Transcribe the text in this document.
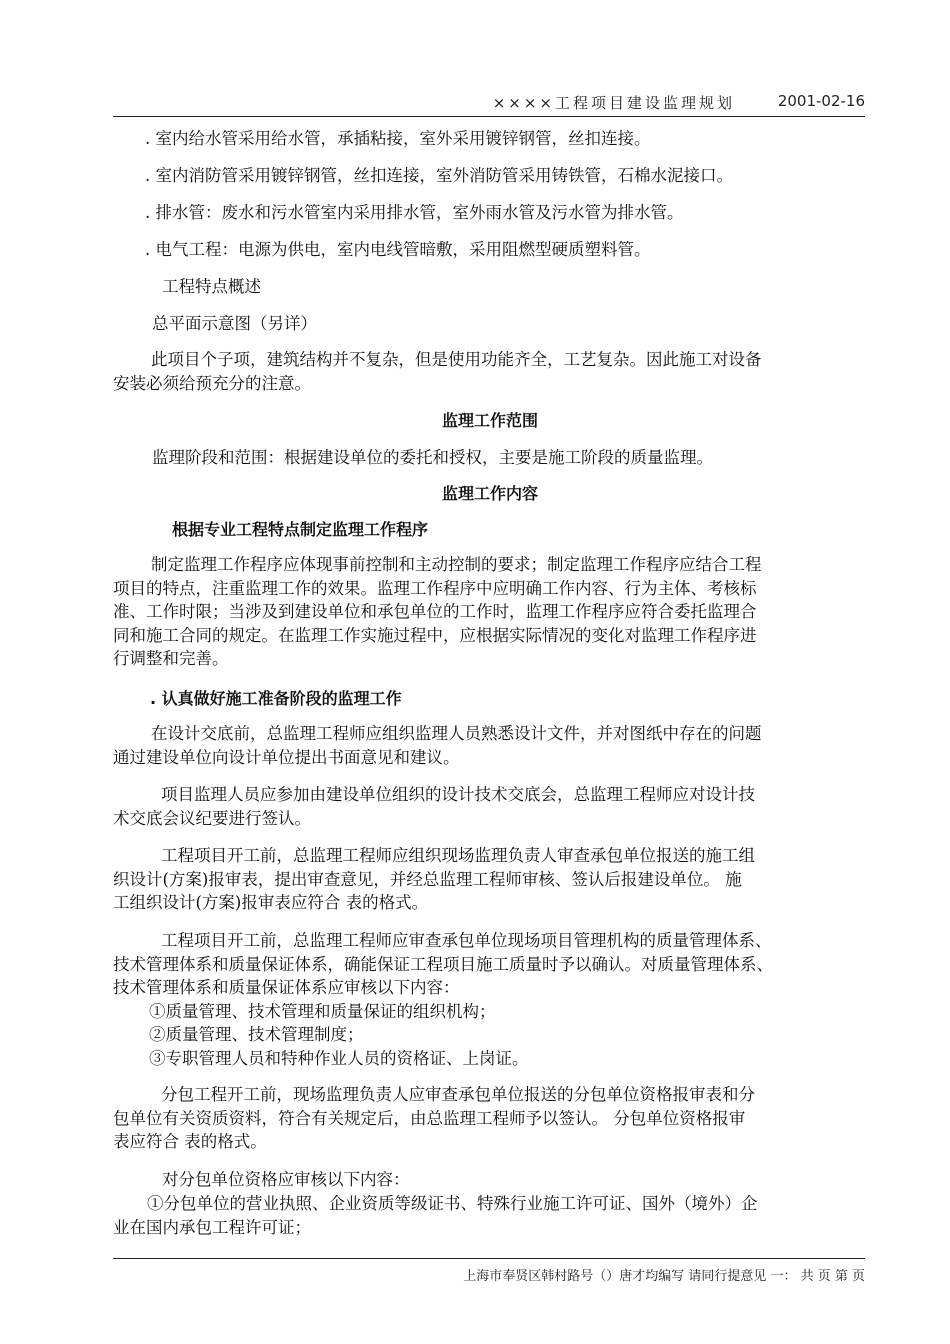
××××工程项目建设监理规划	2001-02-16
. 室内给水管采用给水管，承插粘接，室外采用镀锌钢管，丝扣连接。
. 室内消防管采用镀锌钢管，丝扣连接，室外消防管采用铸铁管，石棉水泥接口。
. 排水管：废水和污水管室内采用排水管，室外雨水管及污水管为排水管。
. 电气工程：电源为供电，室内电线管暗敷，采用阻燃型硬质塑料管。
工程特点概述
总平面示意图（另详）
此项目个子项，建筑结构并不复杂，但是使用功能齐全，工艺复杂。因此施工对设备
安装必须给预充分的注意。
监理工作范围
监理阶段和范围：根据建设单位的委托和授权，主要是施工阶段的质量监理。
监理工作内容
根据专业工程特点制定监理工作程序
制定监理工作程序应体现事前控制和主动控制的要求；制定监理工作程序应结合工程
项目的特点，注重监理工作的效果。监理工作程序中应明确工作内容、行为主体、考核标
准、工作时限；当涉及到建设单位和承包单位的工作时，监理工作程序应符合委托监理合
同和施工合同的规定。在监理工作实施过程中，应根据实际情况的变化对监理工作程序进
行调整和完善。
. 认真做好施工准备阶段的监理工作
在设计交底前，总监理工程师应组织监理人员熟悉设计文件，并对图纸中存在的问题
通过建设单位向设计单位提出书面意见和建议。
项目监理人员应参加由建设单位组织的设计技术交底会，总监理工程师应对设计技
术交底会议纪要进行签认。
工程项目开工前，总监理工程师应组织现场监理负责人审查承包单位报送的施工组
织设计(方案)报审表，提出审查意见，并经总监理工程师审核、签认后报建设单位。 施
工组织设计(方案)报审表应符合 表的格式。
工程项目开工前，总监理工程师应审查承包单位现场项目管理机构的质量管理体系、
技术管理体系和质量保证体系，确能保证工程项目施工质量时予以确认。对质量管理体系、
技术管理体系和质量保证体系应审核以下内容：
①质量管理、技术管理和质量保证的组织机构；
②质量管理、技术管理制度；
③专职管理人员和特种作业人员的资格证、上岗证。
分包工程开工前，现场监理负责人应审查承包单位报送的分包单位资格报审表和分
包单位有关资质资料，符合有关规定后，由总监理工程师予以签认。 分包单位资格报审
表应符合 表的格式。
对分包单位资格应审核以下内容：
①分包单位的营业执照、企业资质等级证书、特殊行业施工许可证、国外（境外）企
业在国内承包工程许可证；
上海市奉贤区韩村路号（）唐才均编写 请同行提意见 一： 共 页 第 页
